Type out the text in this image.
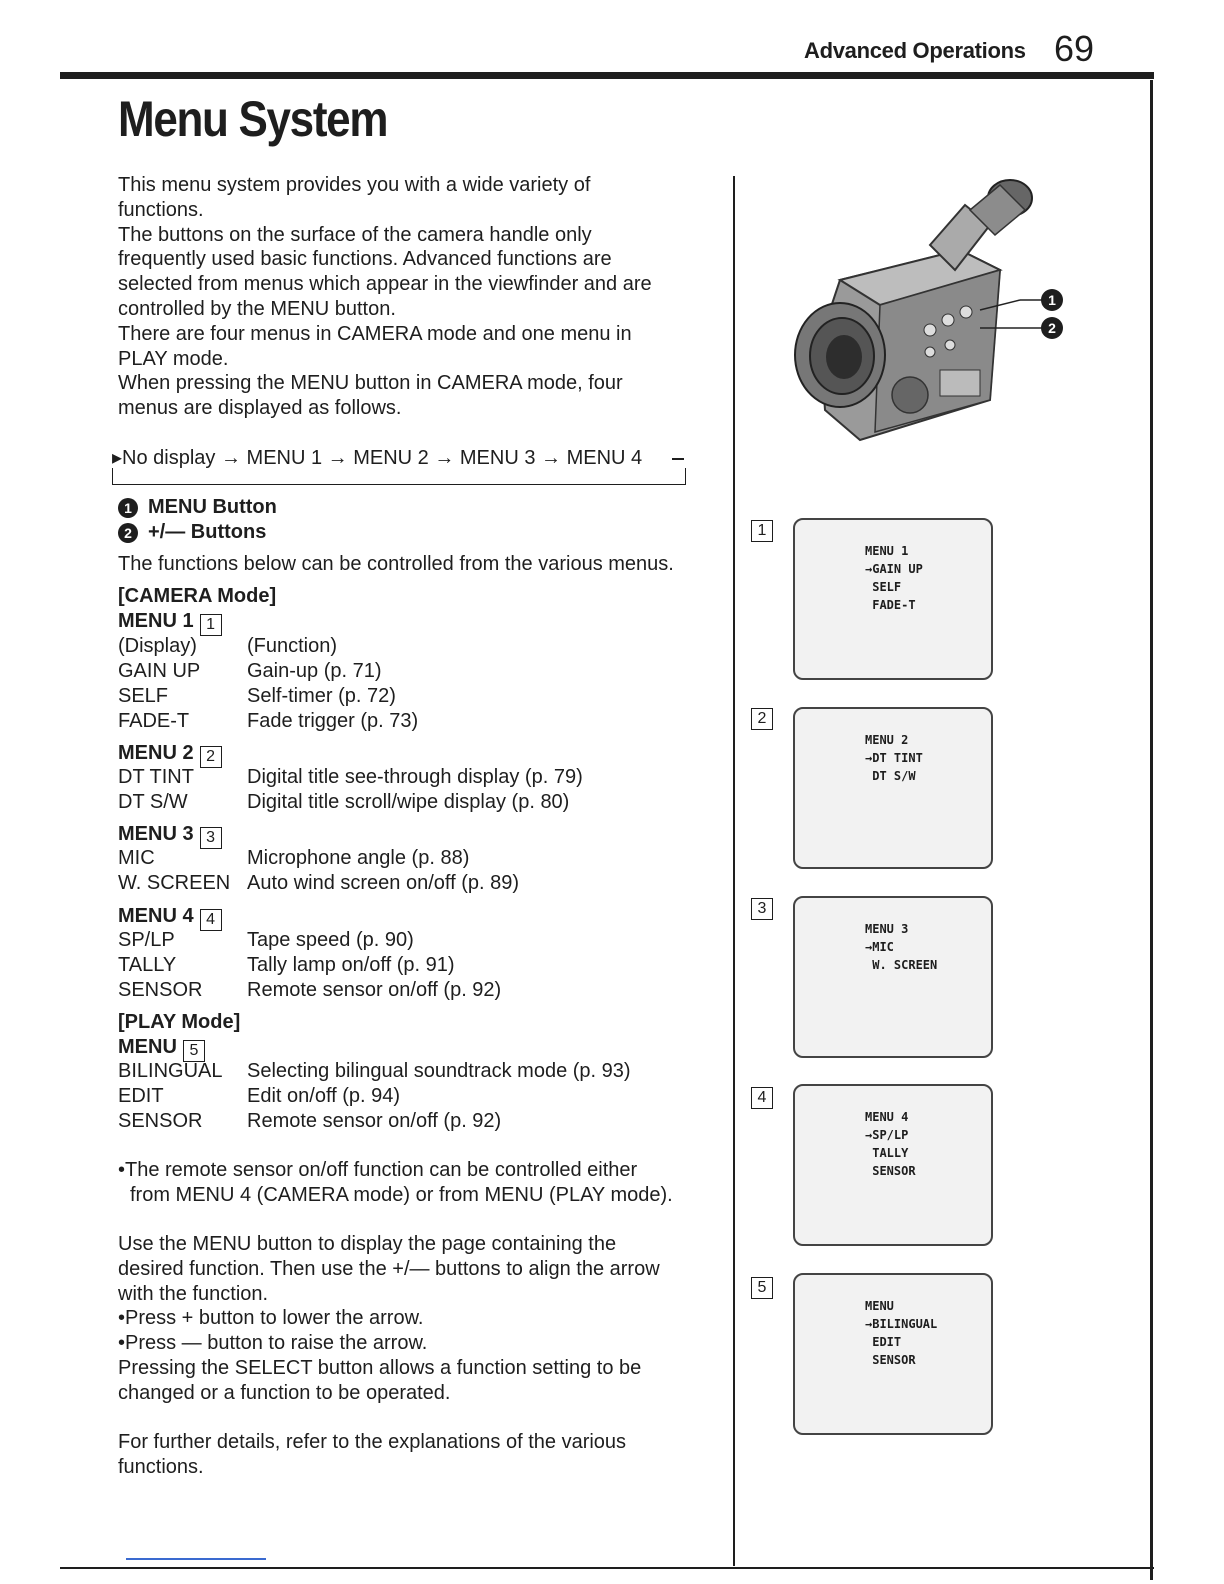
Advanced Operations 69
Menu System
This menu system provides you with a wide variety of
functions.
The buttons on the surface of the camera handle only
frequently used basic functions. Advanced functions are
selected from menus which appear in the viewfinder and are
controlled by the MENU button.
There are four menus in CAMERA mode and one menu in
PLAY mode.
When pressing the MENU button in CAMERA mode, four
menus are displayed as follows.
▸No display → MENU 1 → MENU 2 → MENU 3 → MENU 4
1 MENU Button
2 +/— Buttons
The functions below can be controlled from the various menus.
[CAMERA Mode]
MENU 1 1
(Display)	(Function)
GAIN UP Gain-up (p. 71)
SELF	Self-timer (p. 72)
FADE-T	Fade trigger (p. 73)
MENU 2 2
DT TINT	Digital title see-through display (p. 79)
DT S/W	Digital title scroll/wipe display (p. 80)
MENU 3 3
MIC	Microphone angle (p. 88)
W. SCREEN Auto wind screen on/off (p. 89)
MENU 4 4
SP/LP	Tape speed (p. 90)
TALLY	Tally lamp on/off (p. 91)
SENSOR Remote sensor on/off (p. 92)
[PLAY Mode]
MENU 5
BILINGUAL Selecting bilingual soundtrack mode (p. 93)
EDIT	Edit on/off (p. 94)
SENSOR Remote sensor on/off (p. 92)
•The remote sensor on/off function can be controlled either
from MENU 4 (CAMERA mode) or from MENU (PLAY mode).
Use the MENU button to display the page containing the
desired function. Then use the +/— buttons to align the arrow
with the function.
•Press + button to lower the arrow.
•Press — button to raise the arrow.
Pressing the SELECT button allows a function setting to be
changed or a function to be operated.
For further details, refer to the explanations of the various
functions.
1
2
1
MENU 1
→GAIN UP
SELF
FADE-T
2
MENU 2
→DT TINT
DT S/W
3
MENU 3
→MIC
W. SCREEN
4
MENU 4
→SP/LP
TALLY
SENSOR
5
MENU
→BILINGUAL
EDIT
SENSOR
